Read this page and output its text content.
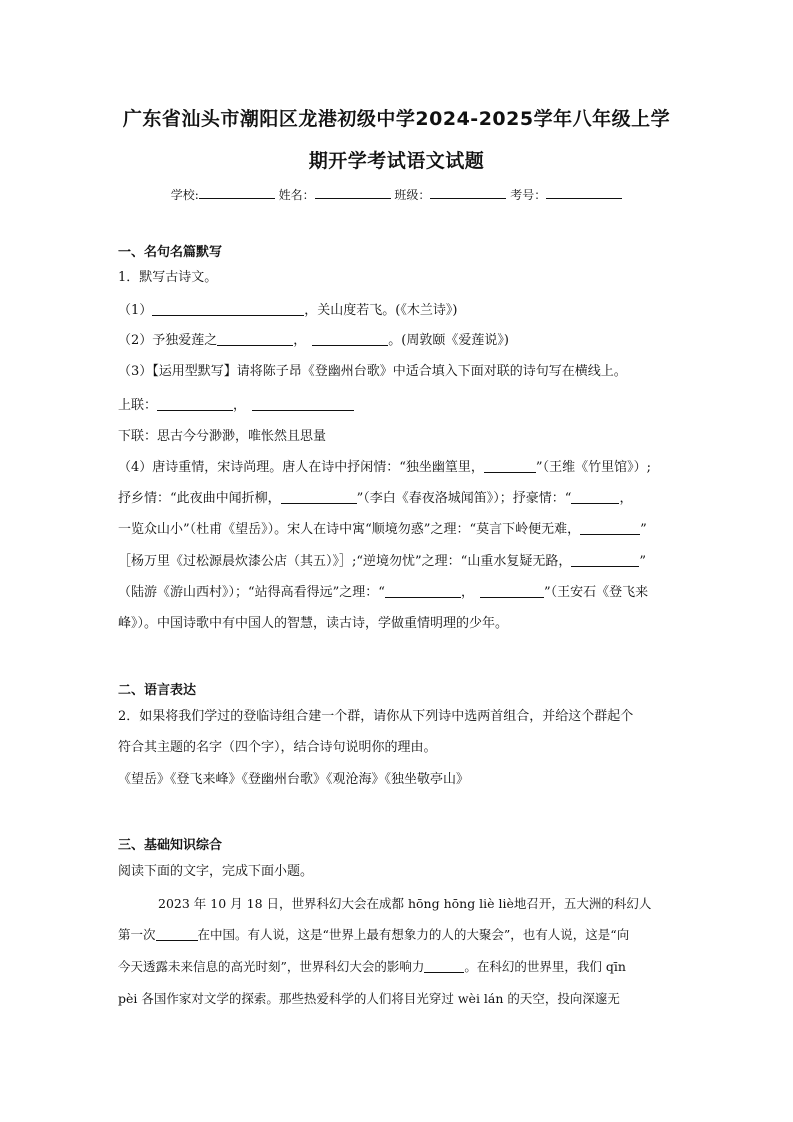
广东省汕头市潮阳区龙港初级中学2024-2025学年八年级上学
期开学考试语文试题
学校:	姓名：	班级：	考号：
一、名句名篇默写
1．默写古诗文。
（1）	，关山度若飞。(《木兰诗》)
（2）予独爱莲之	，	。(周敦颐《爱莲说》)
（3）【运用型默写】请将陈子昂《登幽州台歌》中适合填入下面对联的诗句写在横线上。
上联：	，
下联：思古今兮渺渺，唯怅然且思量
（4）唐诗重情，宋诗尚理。唐人在诗中抒闲情：“独坐幽篁里，	”（王维《竹里馆》）;
抒乡情：“此夜曲中闻折柳，	”（李白《春夜洛城闻笛》）；抒豪情：“	，
一览众山小”（杜甫《望岳》）。宋人在诗中寓“顺境勿惑”之理：“莫言下岭便无难，	”
［杨万里《过松源晨炊漆公店（其五）》］;“逆境勿忧”之理：“山重水复疑无路，	”
（陆游《游山西村》）；“站得高看得远”之理：“	，	”（王安石《登飞来
峰》）。中国诗歌中有中国人的智慧，读古诗，学做重情明理的少年。
二、语言表达
2．如果将我们学过的登临诗组合建一个群，请你从下列诗中选两首组合，并给这个群起个
符合其主题的名字（四个字），结合诗句说明你的理由。
《望岳》《登飞来峰》《登幽州台歌》《观沧海》《独坐敬亭山》
三、基础知识综合
阅读下面的文字，完成下面小题。
2023 年 10 月 18 日，世界科幻大会在成都 hōng hōng liè liè地召开，五大洲的科幻人
第一次	在中国。有人说，这是“世界上最有想象力的人的大聚会”，也有人说，这是“向
今天透露未来信息的高光时刻”，世界科幻大会的影响力	。在科幻的世界里，我们 qīn
pèi 各国作家对文学的探索。那些热爱科学的人们将目光穿过 wèi lán 的天空，投向深邃无
